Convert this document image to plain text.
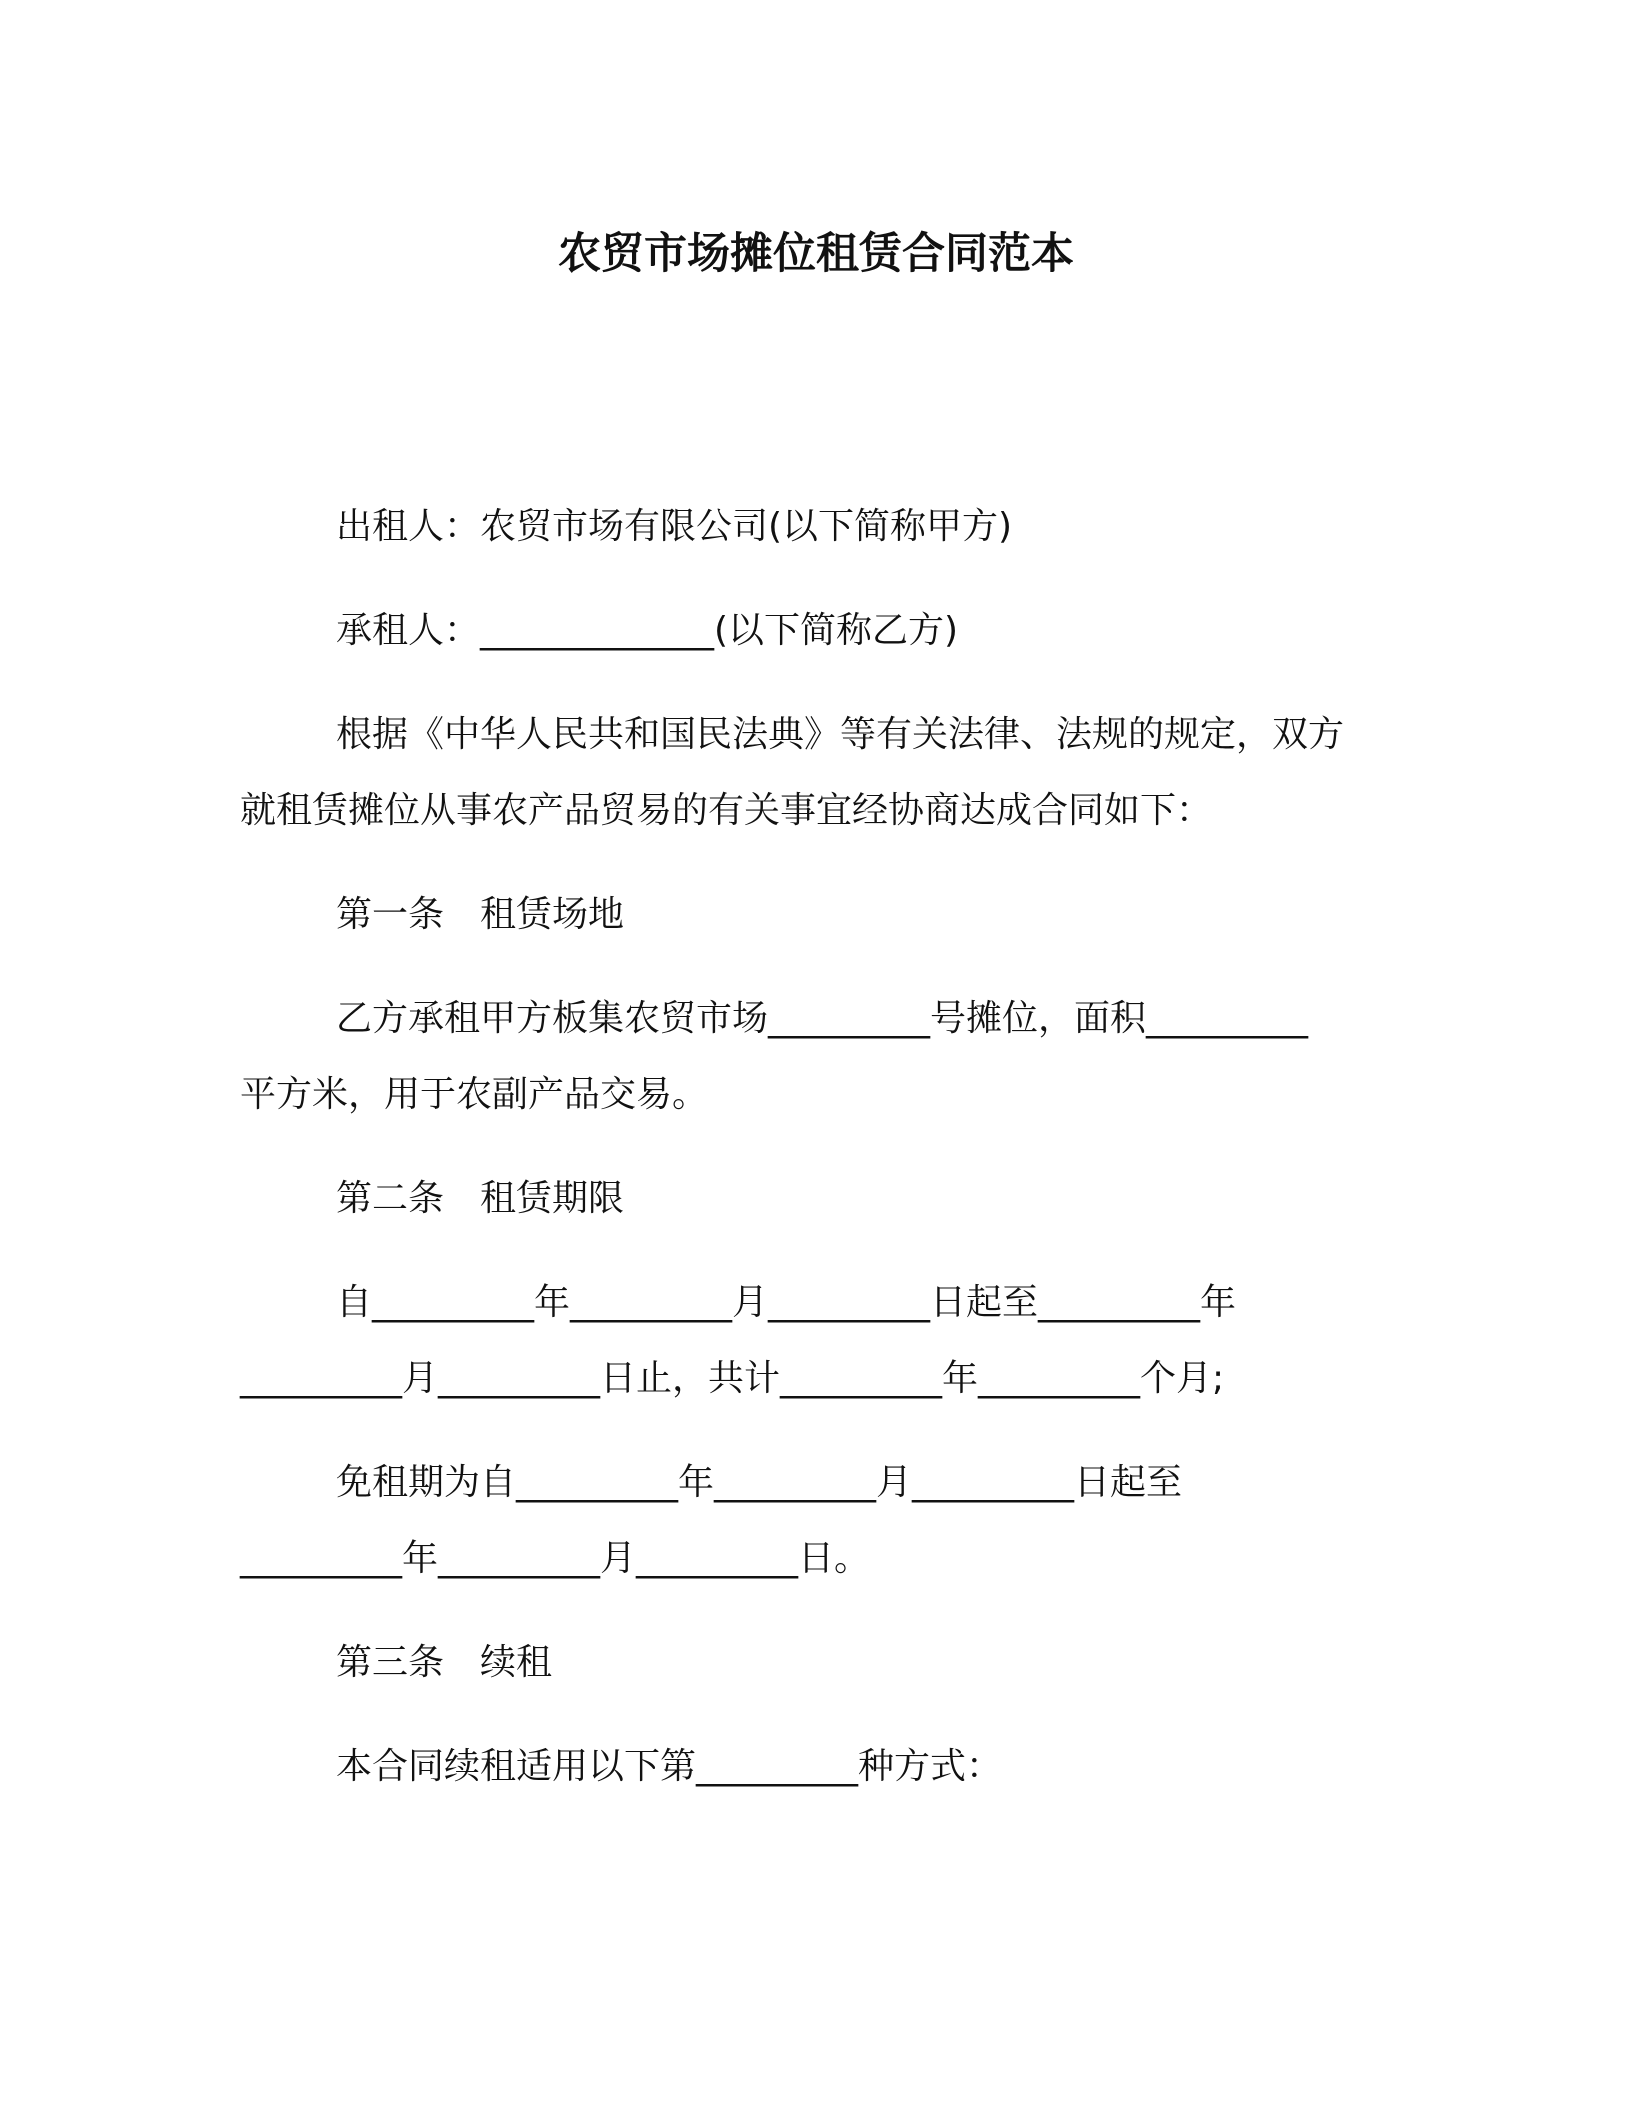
农贸市场摊位租赁合同范本
出租人：农贸市场有限公司(以下简称甲方)
承租人：_____________(以下简称乙方)
根据《中华人民共和国民法典》等有关法律、法规的规定，双方
就租赁摊位从事农产品贸易的有关事宜经协商达成合同如下：
第一条　租赁场地
乙方承租甲方板集农贸市场_________号摊位，面积_________
平方米，用于农副产品交易。
第二条　租赁期限
自_________年_________月_________日起至_________年
_________月_________日止，共计_________年_________个月;
免租期为自_________年_________月_________日起至
_________年_________月_________日。
第三条　续租
本合同续租适用以下第_________种方式：
